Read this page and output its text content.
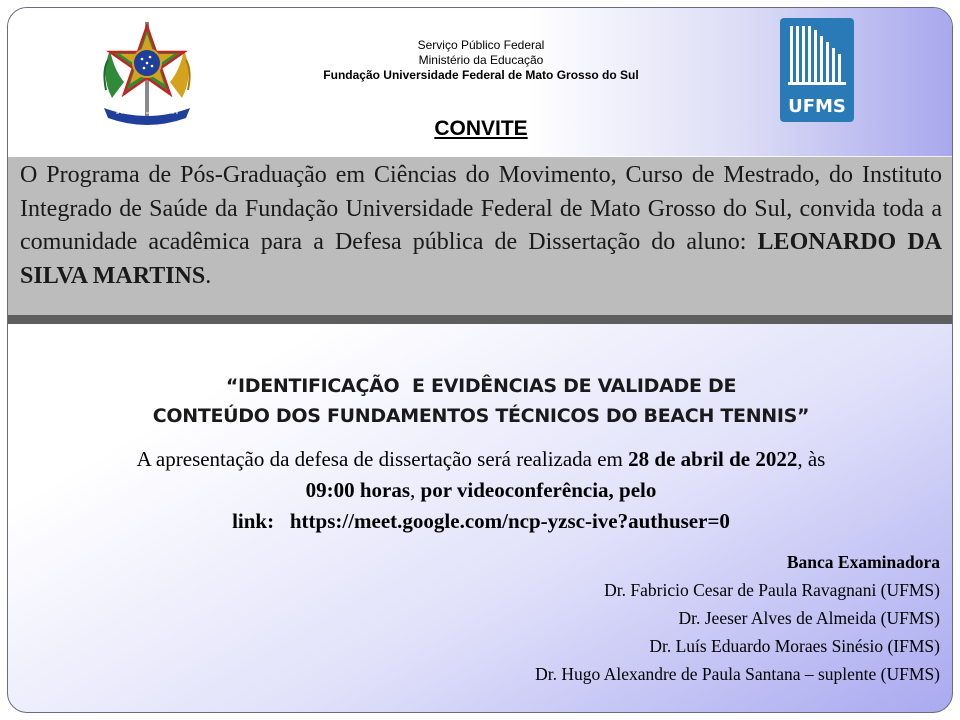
Serviço Público Federal
Ministério da Educação
Fundação Universidade Federal de Mato Grosso do Sul
UFMS
CONVITE

O Programa de Pós-Graduação em Ciências do Movimento, Curso de Mestrado, do Instituto Integrado de Saúde da Fundação Universidade Federal de Mato Grosso do Sul, convida toda a comunidade acadêmica para a Defesa pública de Dissertação do aluno: LEONARDO DA SILVA MARTINS.

“IDENTIFICAÇÃO  E EVIDÊNCIAS DE VALIDADE DE
CONTEÚDO DOS FUNDAMENTOS TÉCNICOS DO BEACH TENNIS”
A apresentação da defesa de dissertação será realizada em 28 de abril de 2022, às
09:00 horas, por videoconferência, pelo
link: https://meet.google.com/ncp-yzsc-ive?authuser=0
Banca Examinadora
Dr. Fabricio Cesar de Paula Ravagnani (UFMS)
Dr. Jeeser Alves de Almeida (UFMS)
Dr. Luís Eduardo Moraes Sinésio (IFMS)
Dr. Hugo Alexandre de Paula Santana – suplente (UFMS)
